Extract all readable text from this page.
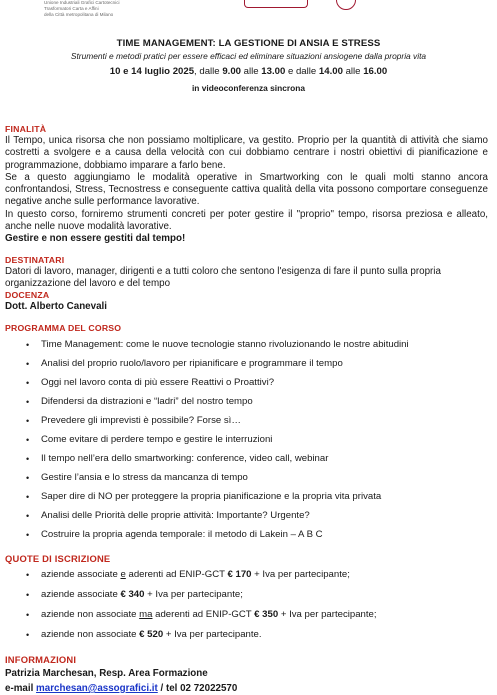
Unione Industriali Grafici Cartotecnici
Trasformatori Carta e Affini
della Città metropolitana di Milano
TIME MANAGEMENT: LA GESTIONE DI ANSIA E STRESS
Strumenti e metodi pratici per essere efficaci ed eliminare situazioni ansiogene dalla propria vita
10 e 14 luglio 2025, dalle 9.00 alle 13.00 e dalle 14.00 alle 16.00
in videoconferenza sincrona
FINALITÀ
Il Tempo, unica risorsa che non possiamo moltiplicare, va gestito. Proprio per la quantità di attività che siamo costretti a svolgere e a causa della velocità con cui dobbiamo centrare i nostri obiettivi di pianificazione e programmazione, dobbiamo imparare a farlo bene.
Se a questo aggiungiamo le modalità operative in Smartworking con le quali molti stanno ancora confrontandosi, Stress, Tecnostress e conseguente cattiva qualità della vita possono comportare conseguenze negative anche sulle performance lavorative.
In questo corso, forniremo strumenti concreti per poter gestire il "proprio" tempo, risorsa preziosa e alleato, anche nelle nuove modalità lavorative.
Gestire e non essere gestiti dal tempo!
DESTINATARI
Datori di lavoro, manager, dirigenti e a tutti coloro che sentono l'esigenza di fare il punto sulla propria organizzazione del lavoro e del tempo
DOCENZA
Dott. Alberto Canevali
PROGRAMMA DEL CORSO
• Time Management: come le nuove tecnologie stanno rivoluzionando le nostre abitudini
• Analisi del proprio ruolo/lavoro per ripianificare e programmare il tempo
• Oggi nel lavoro conta di più essere Reattivi o Proattivi?
• Difendersi da distrazioni e “ladri” del nostro tempo
• Prevedere gli imprevisti è possibile? Forse sì…
• Come evitare di perdere tempo e gestire le interruzioni
• Il tempo nell’era dello smartworking: conference, video call, webinar
• Gestire l’ansia e lo stress da mancanza di tempo
• Saper dire di NO per proteggere la propria pianificazione e la propria vita privata
• Analisi delle Priorità delle proprie attività: Importante? Urgente?
• Costruire la propria agenda temporale: il metodo di Lakein – A B C
QUOTE DI ISCRIZIONE
• aziende associate e aderenti ad ENIP-GCT € 170 + Iva per partecipante;
• aziende associate € 340 + Iva per partecipante;
• aziende non associate ma aderenti ad ENIP-GCT € 350 + Iva per partecipante;
• aziende non associate € 520 + Iva per partecipante.
INFORMAZIONI
Patrizia Marchesan, Resp. Area Formazione
e-mail marchesan@assografici.it / tel 02 72022570
